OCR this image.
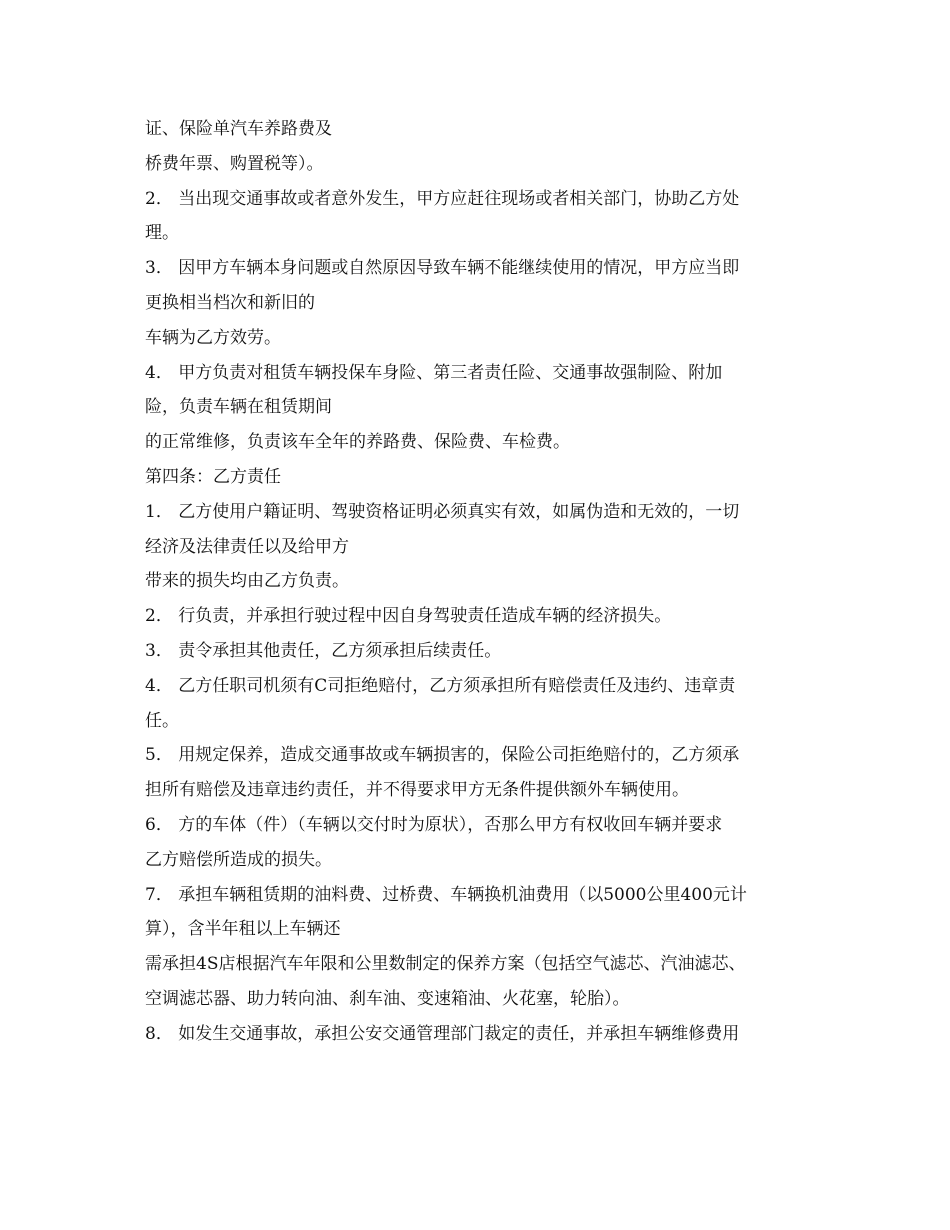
证、保险单汽车养路费及
桥费年票、购置税等）。
2． 当出现交通事故或者意外发生，甲方应赶往现场或者相关部门，协助乙方处
理。
3． 因甲方车辆本身问题或自然原因导致车辆不能继续使用的情况，甲方应当即
更换相当档次和新旧的
车辆为乙方效劳。
4． 甲方负责对租赁车辆投保车身险、第三者责任险、交通事故强制险、附加
险，负责车辆在租赁期间
的正常维修，负责该车全年的养路费、保险费、车检费。
第四条：乙方责任
1． 乙方使用户籍证明、驾驶资格证明必须真实有效，如属伪造和无效的，一切
经济及法律责任以及给甲方
带来的损失均由乙方负责。
2． 行负责，并承担行驶过程中因自身驾驶责任造成车辆的经济损失。
3． 责令承担其他责任，乙方须承担后续责任。
4． 乙方任职司机须有C司拒绝赔付，乙方须承担所有赔偿责任及违约、违章责
任。
5． 用规定保养，造成交通事故或车辆损害的，保险公司拒绝赔付的，乙方须承
担所有赔偿及违章违约责任，并不得要求甲方无条件提供额外车辆使用。
6． 方的车体（件）（车辆以交付时为原状），否那么甲方有权收回车辆并要求
乙方赔偿所造成的损失。
7． 承担车辆租赁期的油料费、过桥费、车辆换机油费用（以5000公里400元计
算），含半年租以上车辆还
需承担4S店根据汽车年限和公里数制定的保养方案（包括空气滤芯、汽油滤芯、
空调滤芯器、助力转向油、刹车油、变速箱油、火花塞，轮胎）。
8． 如发生交通事故，承担公安交通管理部门裁定的责任，并承担车辆维修费用
